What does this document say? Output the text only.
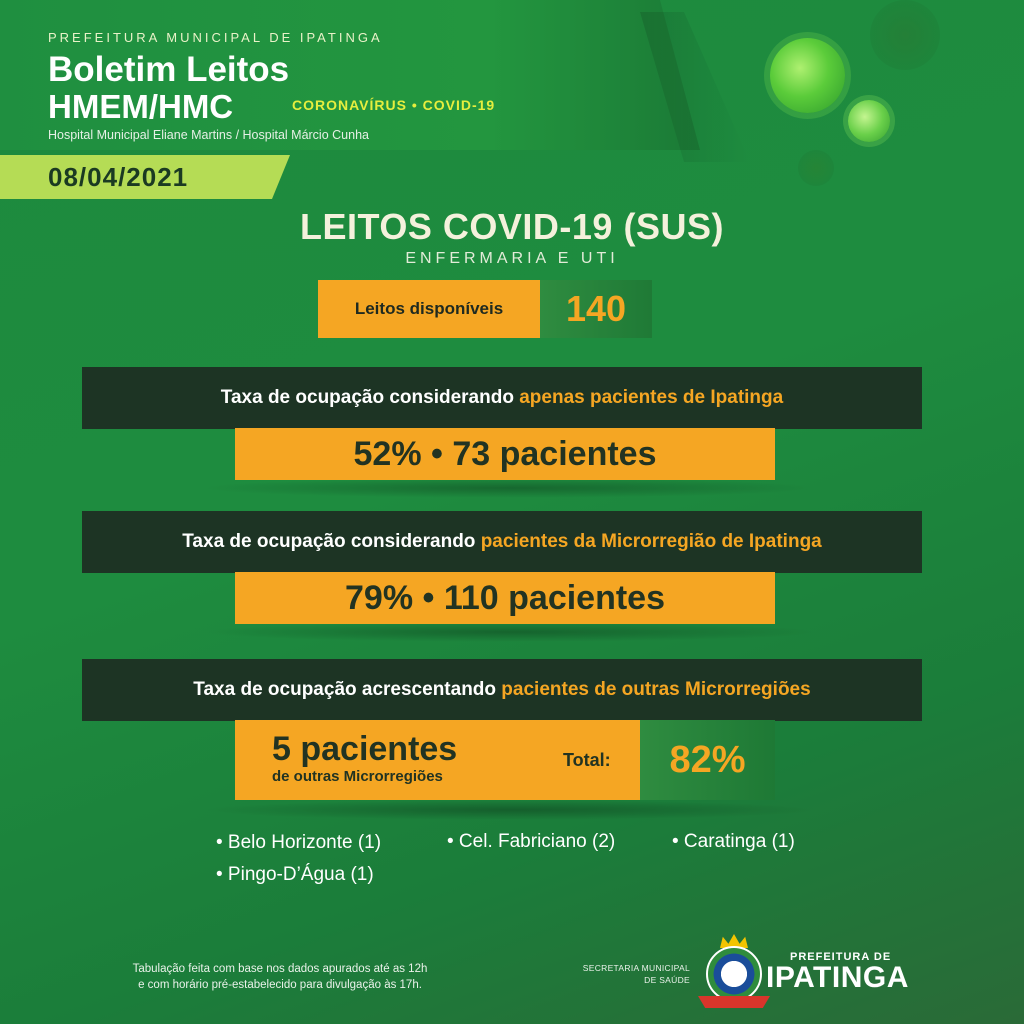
PREFEITURA MUNICIPAL DE IPATINGA
Boletim Leitos
HMEM/HMC	CORONAVÍRUS • COVID-19
Hospital Municipal Eliane Martins / Hospital Márcio Cunha
08/04/2021
LEITOS COVID-19 (SUS)
ENFERMARIA E UTI
Leitos disponíveis	140
Taxa de ocupação considerando
apenas pacientes de Ipatinga
52% • 73 pacientes
Taxa de ocupação considerando
pacientes da Microrregião de Ipatinga
79% • 110 pacientes
Taxa de ocupação acrescentando
pacientes de outras Microrregiões
5 pacientes
de outras Microrregiões
Total:	82%
• Belo Horizonte (1)	• Cel. Fabriciano (2)	• Caratinga (1)
• Pingo-D’Água (1)
Tabulação feita com base nos dados apurados até as 12h
e com horário pré-estabelecido para divulgação às 17h.
SECRETARIA MUNICIPAL
DE SAÚDE
PREFEITURA DE
IPATINGA
